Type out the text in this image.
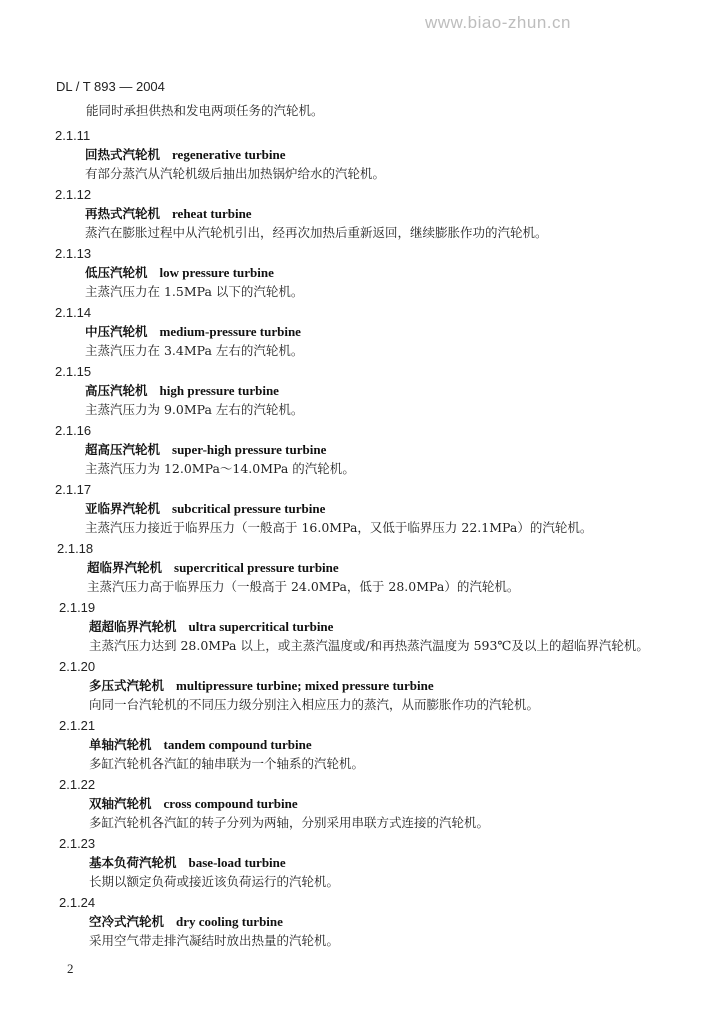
www.biao-zhun.cn
DL / T 893 — 2004
能同时承担供热和发电两项任务的汽轮机。
2.1.11
回热式汽轮机 regenerative turbine
有部分蒸汽从汽轮机级后抽出加热锅炉给水的汽轮机。
2.1.12
再热式汽轮机 reheat turbine
蒸汽在膨胀过程中从汽轮机引出，经再次加热后重新返回，继续膨胀作功的汽轮机。
2.1.13
低压汽轮机 low pressure turbine
主蒸汽压力在 1.5MPa 以下的汽轮机。
2.1.14
中压汽轮机 medium-pressure turbine
主蒸汽压力在 3.4MPa 左右的汽轮机。
2.1.15
高压汽轮机 high pressure turbine
主蒸汽压力为 9.0MPa 左右的汽轮机。
2.1.16
超高压汽轮机 super-high pressure turbine
主蒸汽压力为 12.0MPa～14.0MPa 的汽轮机。
2.1.17
亚临界汽轮机 subcritical pressure turbine
主蒸汽压力接近于临界压力（一般高于 16.0MPa，又低于临界压力 22.1MPa）的汽轮机。
2.1.18
超临界汽轮机 supercritical pressure turbine
主蒸汽压力高于临界压力（一般高于 24.0MPa，低于 28.0MPa）的汽轮机。
2.1.19
超超临界汽轮机 ultra supercritical turbine
主蒸汽压力达到 28.0MPa 以上，或主蒸汽温度或/和再热蒸汽温度为 593℃及以上的超临界汽轮机。
2.1.20
多压式汽轮机 multipressure turbine; mixed pressure turbine
向同一台汽轮机的不同压力级分别注入相应压力的蒸汽，从而膨胀作功的汽轮机。
2.1.21
单轴汽轮机 tandem compound turbine
多缸汽轮机各汽缸的轴串联为一个轴系的汽轮机。
2.1.22
双轴汽轮机 cross compound turbine
多缸汽轮机各汽缸的转子分列为两轴，分别采用串联方式连接的汽轮机。
2.1.23
基本负荷汽轮机 base-load turbine
长期以额定负荷或接近该负荷运行的汽轮机。
2.1.24
空冷式汽轮机 dry cooling turbine
采用空气带走排汽凝结时放出热量的汽轮机。
2
